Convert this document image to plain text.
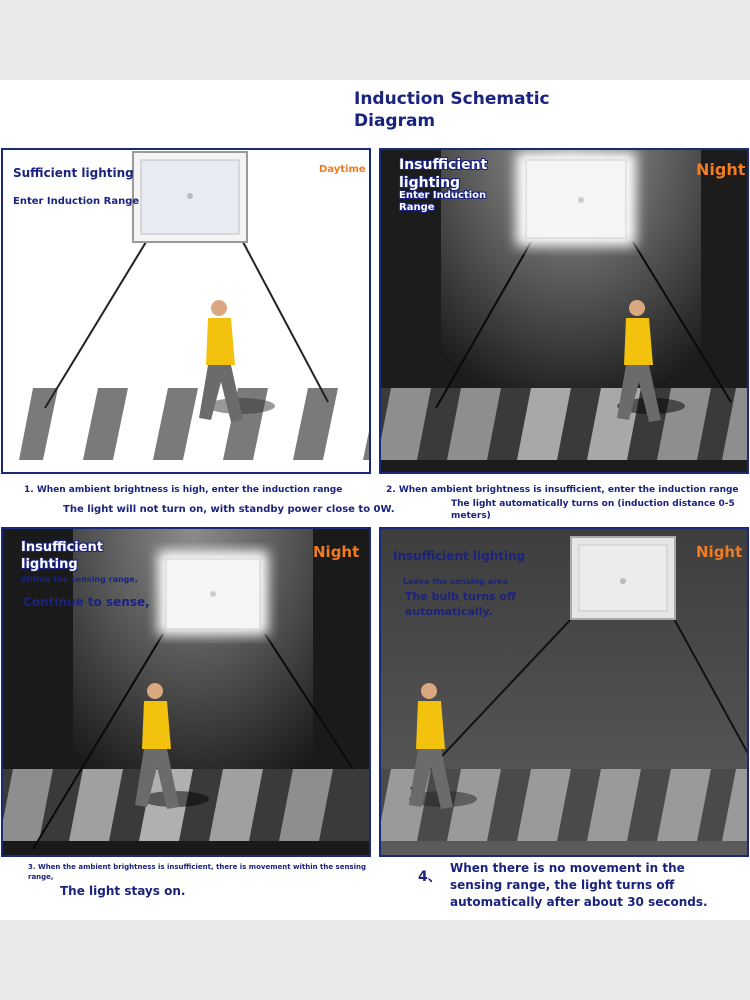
Induction Schematic Diagram
Sufficient lighting
Enter Induction Range
Daytime Insufficient lighting
Enter Induction Range
Night
1. When ambient brightness is high, enter the induction range
The light will not turn on, with standby power close to 0W.
2. When ambient brightness is insufficient, enter the induction range
The light automatically turns on (induction distance 0-5 meters)
Insufficient lighting
Within the sensing range,
Continue to sense,
Night	Insufficient lighting
Leave the sensing area
The bulb turns off automatically.
Night
3. When the ambient brightness is insufficient, there is movement within the sensing range,
The light stays on.
4、
When there is no movement in the sensing range, the light turns off automatically after about 30 seconds.
